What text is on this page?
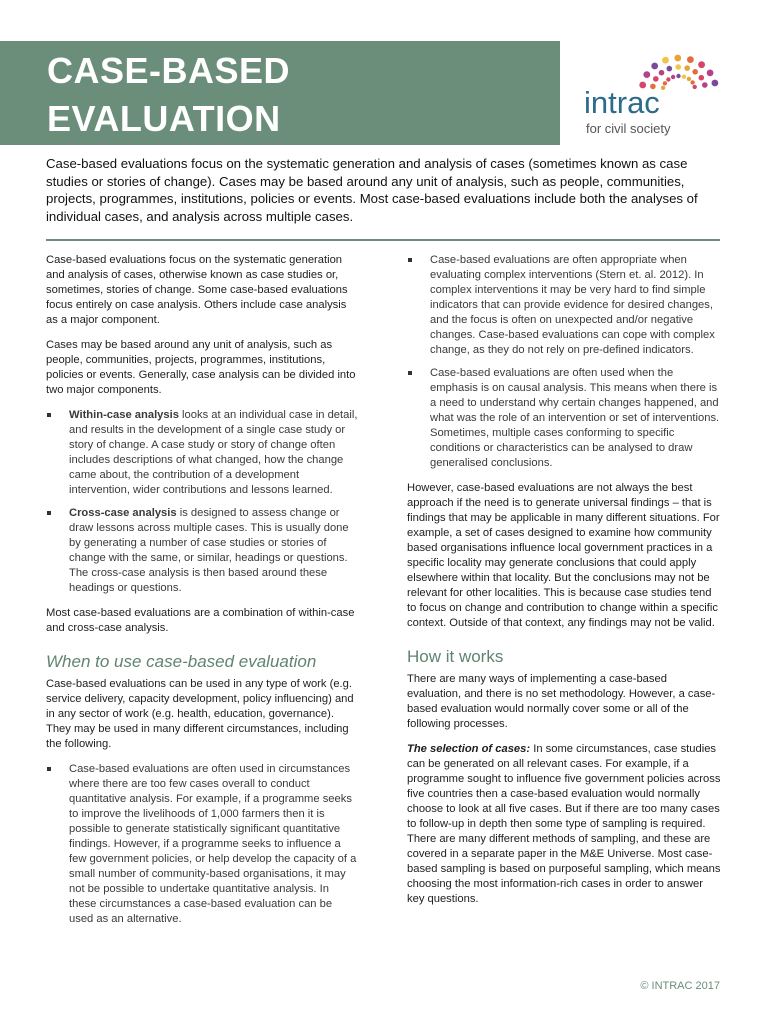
CASE-BASED
EVALUATION	intrac
for civil society
Case-based evaluations focus on the systematic generation and analysis of cases (sometimes known as case studies or stories of change). Cases may be based around any unit of analysis, such as people, communities, projects, programmes, institutions, policies or events. Most case-based evaluations include both the analyses of individual cases, and analysis across multiple cases.

Case-based evaluations focus on the systematic generation and analysis of cases, otherwise known as case studies or, sometimes, stories of change. Some case-based evaluations focus entirely on case analysis. Others include case analysis as a major component.

Cases may be based around any unit of analysis, such as people, communities, projects, programmes, institutions, policies or events. Generally, case analysis can be divided into two major components.

Within-case analysis looks at an individual case in detail, and results in the development of a single case study or story of change. A case study or story of change often includes descriptions of what changed, how the change came about, the contribution of a development intervention, wider contributions and lessons learned.
Cross-case analysis is designed to assess change or draw lessons across multiple cases. This is usually done by generating a number of case studies or stories of change with the same, or similar, headings or questions. The cross-case analysis is then based around these headings or questions.

Most case-based evaluations are a combination of within-case and cross-case analysis.

When to use case-based evaluation

Case-based evaluations can be used in any type of work (e.g. service delivery, capacity development, policy influencing) and in any sector of work (e.g. health, education, governance). They may be used in many different circumstances, including the following.

Case-based evaluations are often used in circumstances where there are too few cases overall to conduct quantitative analysis. For example, if a programme seeks to improve the livelihoods of 1,000 farmers then it is possible to generate statistically significant quantitative findings. However, if a programme seeks to influence a few government policies, or help develop the capacity of a small number of community-based organisations, it may not be possible to undertake quantitative analysis. In these circumstances a case-based evaluation can be used as an alternative.
Case-based evaluations are often appropriate when evaluating complex interventions (Stern et. al. 2012). In complex interventions it may be very hard to find simple indicators that can provide evidence for desired changes, and the focus is often on unexpected and/or negative changes. Case-based evaluations can cope with complex change, as they do not rely on pre-defined indicators.
Case-based evaluations are often used when the emphasis is on causal analysis. This means when there is a need to understand why certain changes happened, and what was the role of an intervention or set of interventions. Sometimes, multiple cases conforming to specific conditions or characteristics can be analysed to draw generalised conclusions.

However, case-based evaluations are not always the best approach if the need is to generate universal findings – that is findings that may be applicable in many different situations. For example, a set of cases designed to examine how community based organisations influence local government practices in a specific locality may generate conclusions that could apply elsewhere within that locality. But the conclusions may not be relevant for other localities. This is because case studies tend to focus on change and contribution to change within a specific context. Outside of that context, any findings may not be valid.

How it works

There are many ways of implementing a case-based evaluation, and there is no set methodology. However, a case-based evaluation would normally cover some or all of the following processes.

The selection of cases: In some circumstances, case studies can be generated on all relevant cases. For example, if a programme sought to influence five government policies across five countries then a case-based evaluation would normally choose to look at all five cases. But if there are too many cases to follow-up in depth then some type of sampling is required. There are many different methods of sampling, and these are covered in a separate paper in the M&E Universe. Most case-based sampling is based on purposeful sampling, which means choosing the most information-rich cases in order to answer key questions.

© INTRAC 2017
